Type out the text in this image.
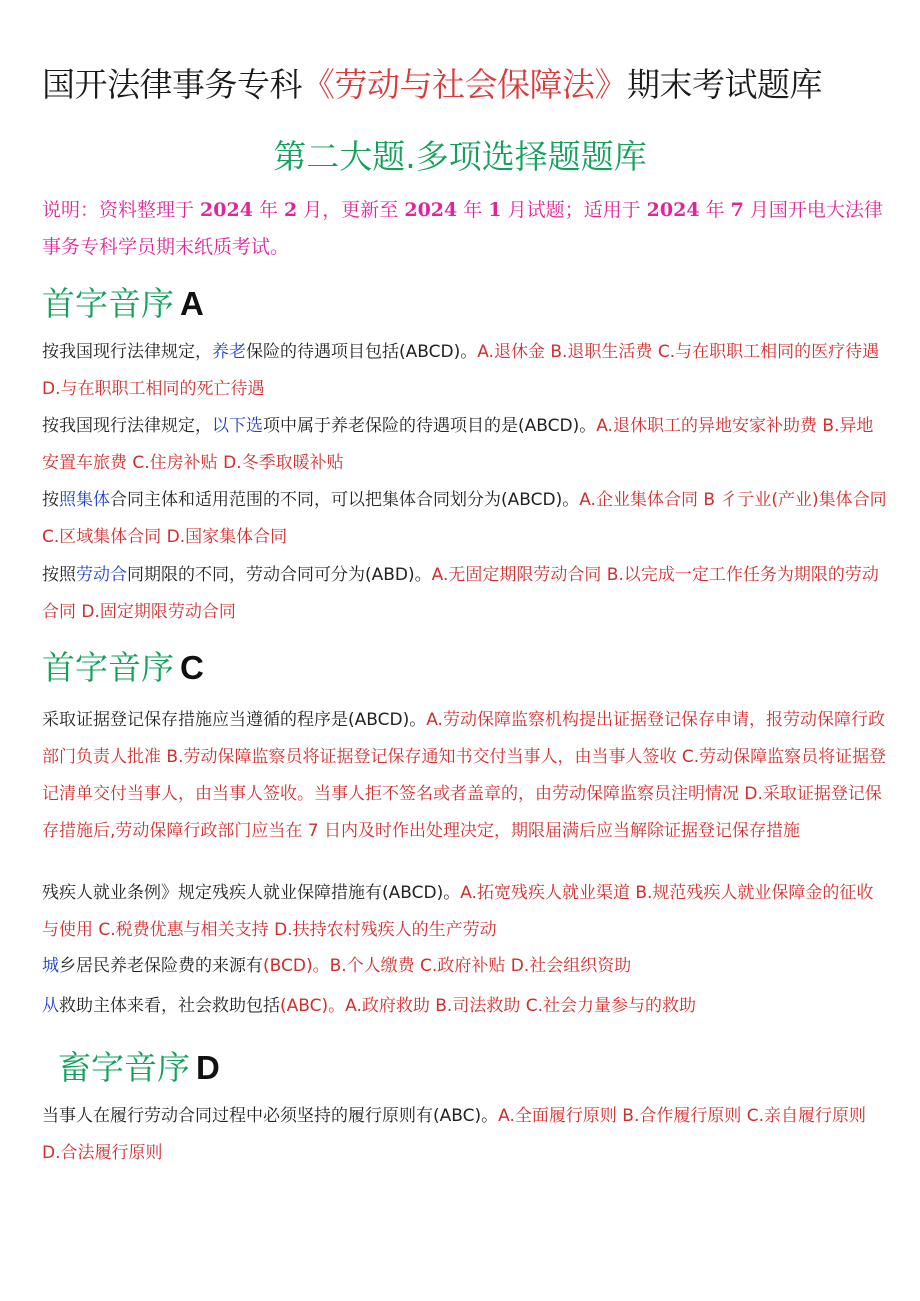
国开法律事务专科《劳动与社会保障法》期末考试题库
第二大题.多项选择题题库
说明：资料整理于 2024 年 2 月，更新至 2024 年 1 月试题；适用于 2024 年 7 月国开电大法律事务专科学员期末纸质考试。
首字音序 A
按我国现行法律规定，养老保险的待遇项目包括(ABCD)。A.退休金 B.退职生活费 C.与在职职工相同的医疗待遇 D.与在职职工相同的死亡待遇
按我国现行法律规定，以下选项中属于养老保险的待遇项目的是(ABCD)。A.退休职工的异地安家补助费 B.异地安置车旅费 C.住房补贴 D.冬季取暖补贴
按照集体合同主体和适用范围的不同，可以把集体合同划分为(ABCD)。A.企业集体合同 B 彳亍业(产业)集体合同 C.区域集体合同 D.国家集体合同
按照劳动合同期限的不同，劳动合同可分为(ABD)。A.无固定期限劳动合同 B.以完成一定工作任务为期限的劳动合同 D.固定期限劳动合同
首字音序 C
采取证据登记保存措施应当遵循的程序是(ABCD)。A.劳动保障监察机构提出证据登记保存申请，报劳动保障行政部门负责人批准 B.劳动保障监察员将证据登记保存通知书交付当事人，由当事人签收 C.劳动保障监察员将证据登记清单交付当事人，由当事人签收。当事人拒不签名或者盖章的，由劳动保障监察员注明情况 D.采取证据登记保存措施后,劳动保障行政部门应当在 7 日内及时作出处理决定，期限届满后应当解除证据登记保存措施
残疾人就业条例》规定残疾人就业保障措施有(ABCD)。A.拓宽残疾人就业渠道 B.规范残疾人就业保障金的征收与使用 C.税费优惠与相关支持 D.扶持农村残疾人的生产劳动
城乡居民养老保险费的来源有(BCD)。B.个人缴费 C.政府补贴 D.社会组织资助
从救助主体来看，社会救助包括(ABC)。A.政府救助 B.司法救助 C.社会力量参与的救助
畜字音序 D
当事人在履行劳动合同过程中必须坚持的履行原则有(ABC)。A.全面履行原则 B.合作履行原则 C.亲自履行原则 D.合法履行原则
